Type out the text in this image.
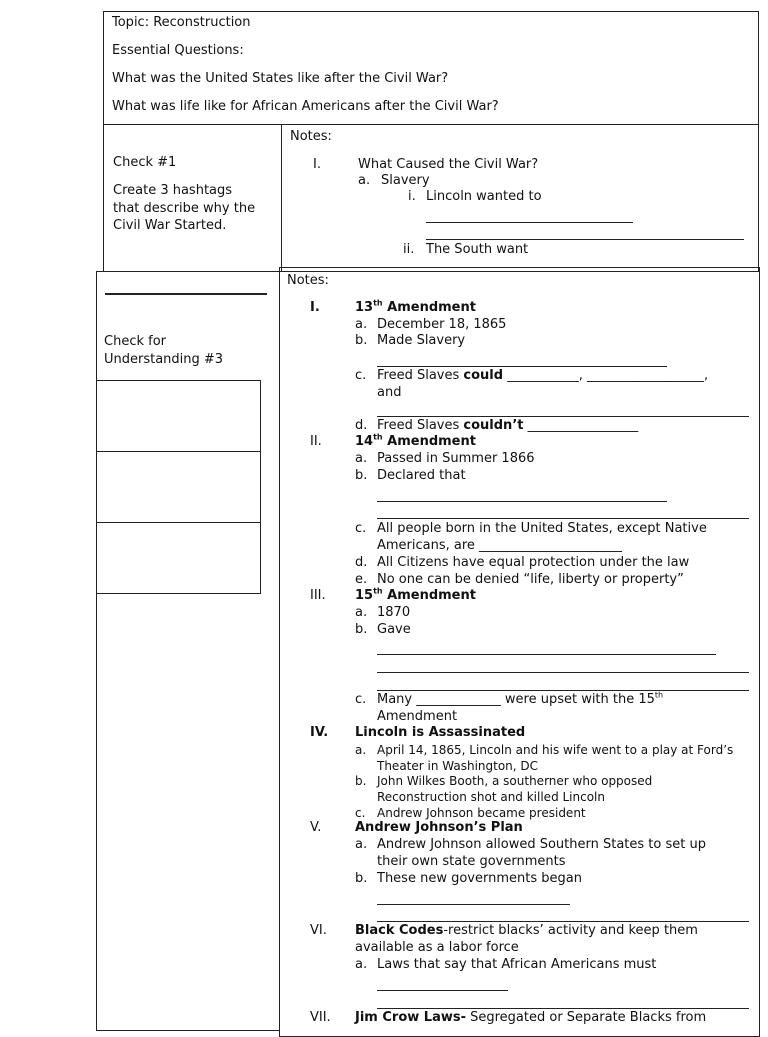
Topic: Reconstruction
Essential Questions:
What was the United States like after the Civil War?
What was life like for African Americans after the Civil War?
Check #1
Create 3 hashtags
that describe why the
Civil War Started.
Notes:
I.	What Caused the Civil War?
a. Slavery
i. Lincoln wanted to
ii. The South want
Check for
Understanding #3
Notes:
I.	13th Amendment
a. December 18, 1865
b. Made Slavery
c. Freed Slaves could ___________, __________________,
and
d. Freed Slaves couldn’t _________________
II.	14th Amendment
a. Passed in Summer 1866
b. Declared that
c. All people born in the United States, except Native
Americans, are ______________________
d. All Citizens have equal protection under the law
e. No one can be denied “life, liberty or property”
III. 15th Amendment
a. 1870
b. Gave
c. Many _____________ were upset with the 15th
Amendment
IV. Lincoln is Assassinated
a. April 14, 1865, Lincoln and his wife went to a play at Ford’s
Theater in Washington, DC
b. John Wilkes Booth, a southerner who opposed
Reconstruction shot and killed Lincoln
c. Andrew Johnson became president
V.	Andrew Johnson’s Plan
a. Andrew Johnson allowed Southern States to set up
their own state governments
b. These new governments began
VI. Black Codes-restrict blacks’ activity and keep them
available as a labor force
a. Laws that say that African Americans must
VII. Jim Crow Laws- Segregated or Separate Blacks from
